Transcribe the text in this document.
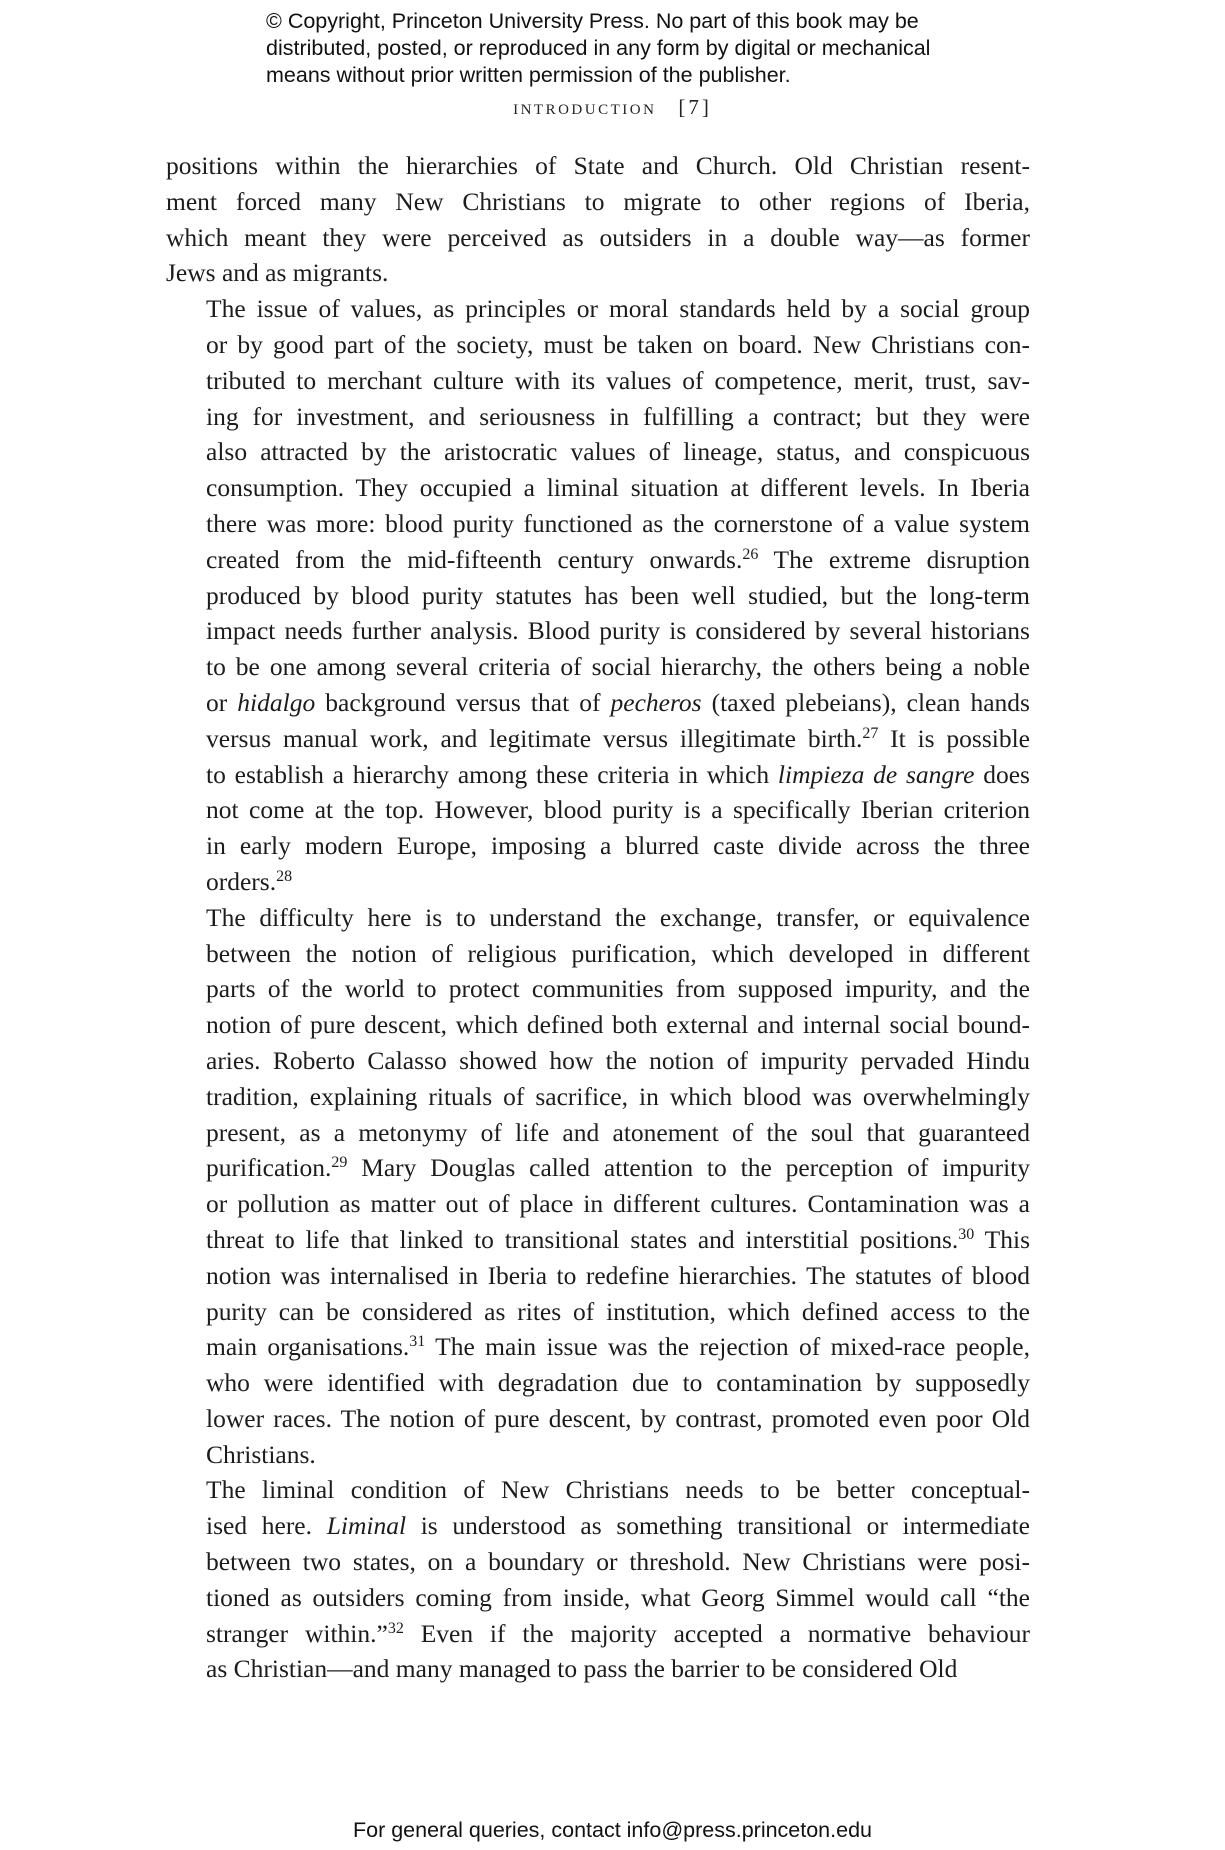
© Copyright, Princeton University Press. No part of this book may be
distributed, posted, or reproduced in any form by digital or mechanical
means without prior written permission of the publisher.
introduction [7]
positions within the hierarchies of State and Church. Old Christian resent-
ment forced many New Christians to migrate to other regions of Iberia,
which meant they were perceived as outsiders in a double way—as former
Jews and as migrants.
The issue of values, as principles or moral standards held by a social group
or by good part of the society, must be taken on board. New Christians con-
tributed to merchant culture with its values of competence, merit, trust, sav-
ing for investment, and seriousness in fulfilling a contract; but they were
also attracted by the aristocratic values of lineage, status, and conspicuous
consumption. They occupied a liminal situation at different levels. In Iberia
there was more: blood purity functioned as the cornerstone of a value system
created from the mid-fifteenth century onwards.$^{26}$ The extreme disruption
produced by blood purity statutes has been well studied, but the long-term
impact needs further analysis. Blood purity is considered by several historians
to be one among several criteria of social hierarchy, the others being a noble
or hidalgo background versus that of pecheros (taxed plebeians), clean hands
versus manual work, and legitimate versus illegitimate birth.$^{27}$ It is possible
to establish a hierarchy among these criteria in which limpieza de sangre does
not come at the top. However, blood purity is a specifically Iberian criterion
in early modern Europe, imposing a blurred caste divide across the three
orders.$^{28}$
The difficulty here is to understand the exchange, transfer, or equivalence
between the notion of religious purification, which developed in different
parts of the world to protect communities from supposed impurity, and the
notion of pure descent, which defined both external and internal social bound-
aries. Roberto Calasso showed how the notion of impurity pervaded Hindu
tradition, explaining rituals of sacrifice, in which blood was overwhelmingly
present, as a metonymy of life and atonement of the soul that guaranteed
purification.$^{29}$ Mary Douglas called attention to the perception of impurity
or pollution as matter out of place in different cultures. Contamination was a
threat to life that linked to transitional states and interstitial positions.$^{30}$ This
notion was internalised in Iberia to redefine hierarchies. The statutes of blood
purity can be considered as rites of institution, which defined access to the
main organisations.$^{31}$ The main issue was the rejection of mixed-race people,
who were identified with degradation due to contamination by supposedly
lower races. The notion of pure descent, by contrast, promoted even poor Old
Christians.
The liminal condition of New Christians needs to be better conceptual-
ised here. Liminal is understood as something transitional or intermediate
between two states, on a boundary or threshold. New Christians were posi-
tioned as outsiders coming from inside, what Georg Simmel would call “the
stranger within.”$^{32}$ Even if the majority accepted a normative behaviour
as Christian—and many managed to pass the barrier to be considered Old
For general queries, contact info@press.princeton.edu
